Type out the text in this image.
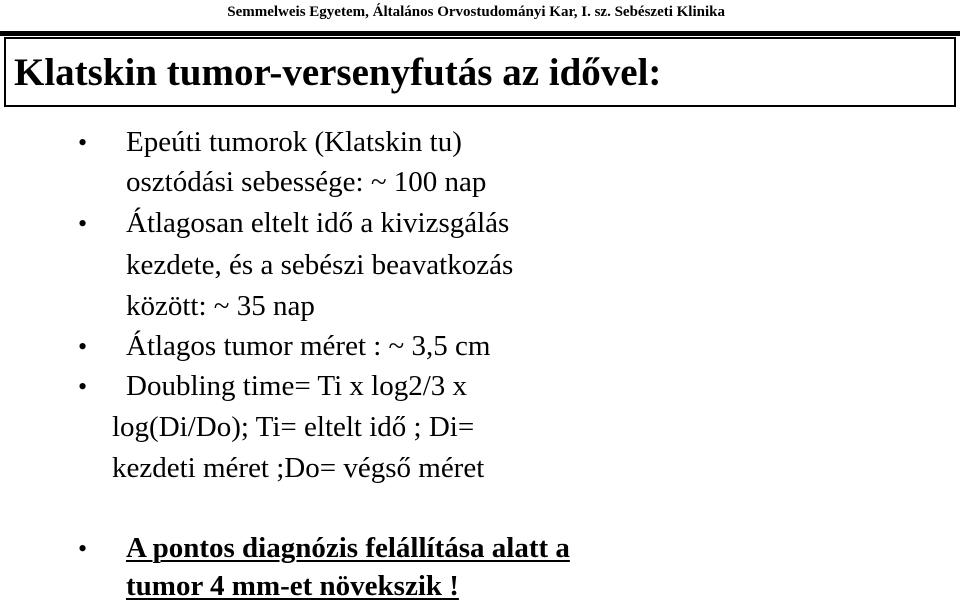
Semmelweis Egyetem, Általános Orvostudományi Kar, I. sz. Sebészeti Klinika
Klatskin tumor-versenyfutás az idővel:
• Epeúti tumorok (Klatskin tu)
osztódási sebessége: ~ 100 nap
• Átlagosan eltelt idő a kivizsgálás
kezdete, és a sebészi beavatkozás
között: ~ 35 nap
• Átlagos tumor méret : ~ 3,5 cm
• Doubling time= Ti x log2/3 x
log(Di/Do); Ti= eltelt idő ; Di=
kezdeti méret ;Do= végső méret
• A pontos diagnózis felállítása alatt a
tumor 4 mm-et növekszik !
